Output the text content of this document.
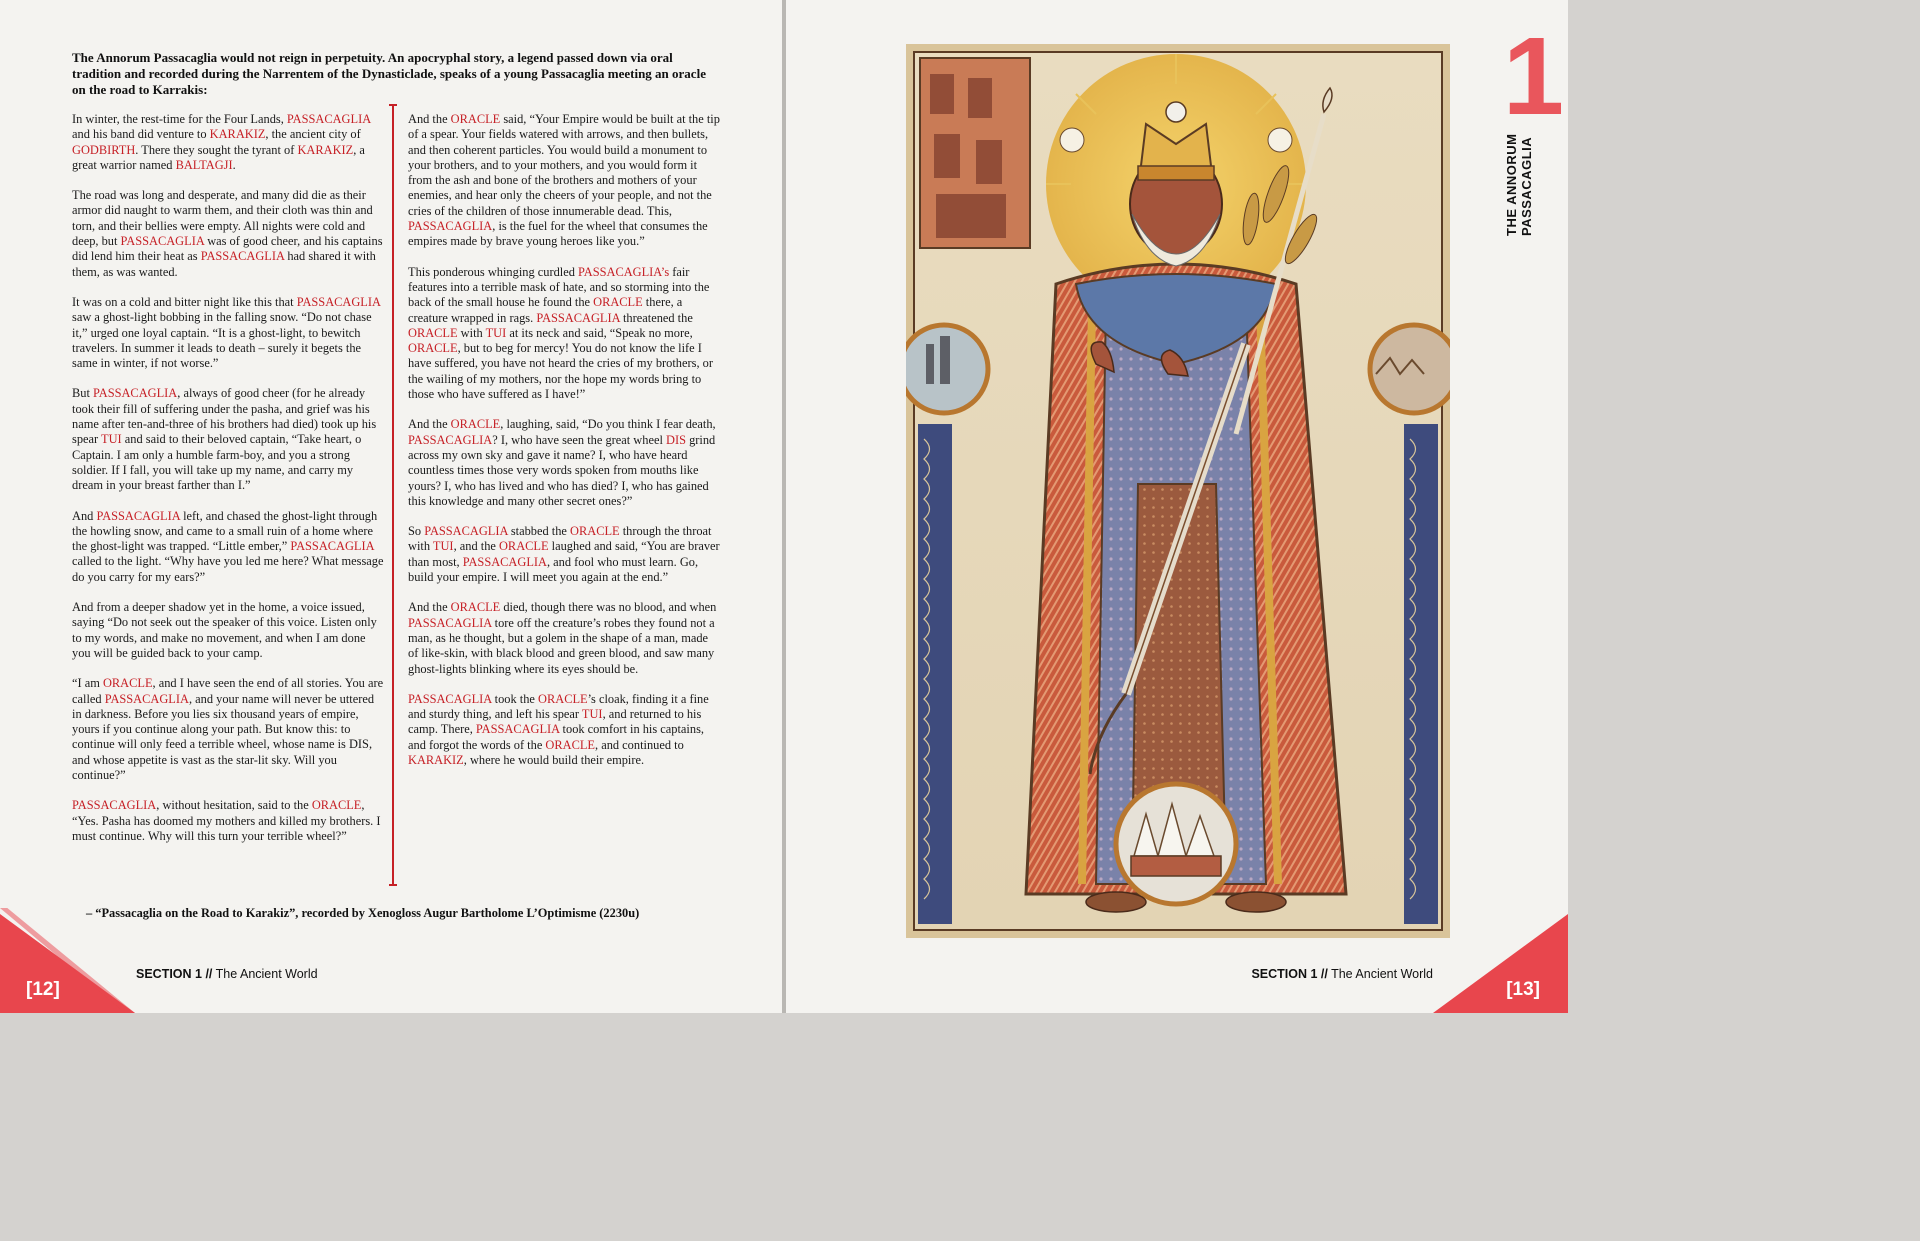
The Annorum Passacaglia would not reign in perpetuity. An apocryphal story, a legend passed down via oral tradition and recorded during the Narrentem of the Dynasticlade, speaks of a young Passacaglia meeting an oracle on the road to Karrakis:

In winter, the rest-time for the Four Lands, PASSACAGLIA and his band did venture to KARAKIZ, the ancient city of GODBIRTH. There they sought the tyrant of KARAKIZ, a great warrior named BALTAGJI.

The road was long and desperate, and many did die as their armor did naught to warm them, and their cloth was thin and torn, and their bellies were empty. All nights were cold and deep, but PASSACAGLIA was of good cheer, and his captains did lend him their heat as PASSACAGLIA had shared it with them, as was wanted.

It was on a cold and bitter night like this that PASSACAGLIA saw a ghost-light bobbing in the falling snow. “Do not chase it,” urged one loyal captain. “It is a ghost-light, to bewitch travelers. In summer it leads to death – surely it begets the same in winter, if not worse.”

But PASSACAGLIA, always of good cheer (for he already took their fill of suffering under the pasha, and grief was his name after ten-and-three of his brothers had died) took up his spear TUI and said to their beloved captain, “Take heart, o Captain. I am only a humble farm-boy, and you a strong soldier. If I fall, you will take up my name, and carry my dream in your breast farther than I.”

And PASSACAGLIA left, and chased the ghost-light through the howling snow, and came to a small ruin of a home where the ghost-light was trapped. “Little ember,” PASSACAGLIA called to the light. “Why have you led me here? What message do you carry for my ears?”

And from a deeper shadow yet in the home, a voice issued, saying “Do not seek out the speaker of this voice. Listen only to my words, and make no movement, and when I am done you will be guided back to your camp.

“I am ORACLE, and I have seen the end of all stories. You are called PASSACAGLIA, and your name will never be uttered in darkness. Before you lies six thousand years of empire, yours if you continue along your path. But know this: to continue will only feed a terrible wheel, whose name is DIS, and whose appetite is vast as the star-lit sky. Will you continue?”

PASSACAGLIA, without hesitation, said to the ORACLE, “Yes. Pasha has doomed my mothers and killed my brothers. I must continue. Why will this turn your terrible wheel?”

And the ORACLE said, “Your Empire would be built at the tip of a spear. Your fields watered with arrows, and then bullets, and then coherent particles. You would build a monument to your brothers, and to your mothers, and you would form it from the ash and bone of the brothers and mothers of your enemies, and hear only the cheers of your people, and not the cries of the children of those innumerable dead. This, PASSACAGLIA, is the fuel for the wheel that consumes the empires made by brave young heroes like you.”

This ponderous whinging curdled PASSACAGLIA’s fair features into a terrible mask of hate, and so storming into the back of the small house he found the ORACLE there, a creature wrapped in rags. PASSACAGLIA threatened the ORACLE with TUI at its neck and said, “Speak no more, ORACLE, but to beg for mercy! You do not know the life I have suffered, you have not heard the cries of my brothers, or the wailing of my mothers, nor the hope my words bring to those who have suffered as I have!”

And the ORACLE, laughing, said, “Do you think I fear death, PASSACAGLIA? I, who have seen the great wheel DIS grind across my own sky and gave it name? I, who have heard countless times those very words spoken from mouths like yours? I, who has lived and who has died? I, who has gained this knowledge and many other secret ones?”

So PASSACAGLIA stabbed the ORACLE through the throat with TUI, and the ORACLE laughed and said, “You are braver than most, PASSACAGLIA, and fool who must learn. Go, build your empire. I will meet you again at the end.”

And the ORACLE died, though there was no blood, and when PASSACAGLIA tore off the creature’s robes they found not a man, as he thought, but a golem in the shape of a man, made of like-skin, with black blood and green blood, and saw many ghost-lights blinking where its eyes should be.

PASSACAGLIA took the ORACLE’s cloak, finding it a fine and sturdy thing, and left his spear TUI, and returned to his camp. There, PASSACAGLIA took comfort in his captains, and forgot the words of the ORACLE, and continued to KARAKIZ, where he would build their empire.

– “Passacaglia on the Road to Karakiz”, recorded by Xenogloss Augur Bartholome L’Optimisme (2230u)
[12]
SECTION 1 // The Ancient World
1
THE ANNORUM PASSACAGLIA
[13]
SECTION 1 // The Ancient World
